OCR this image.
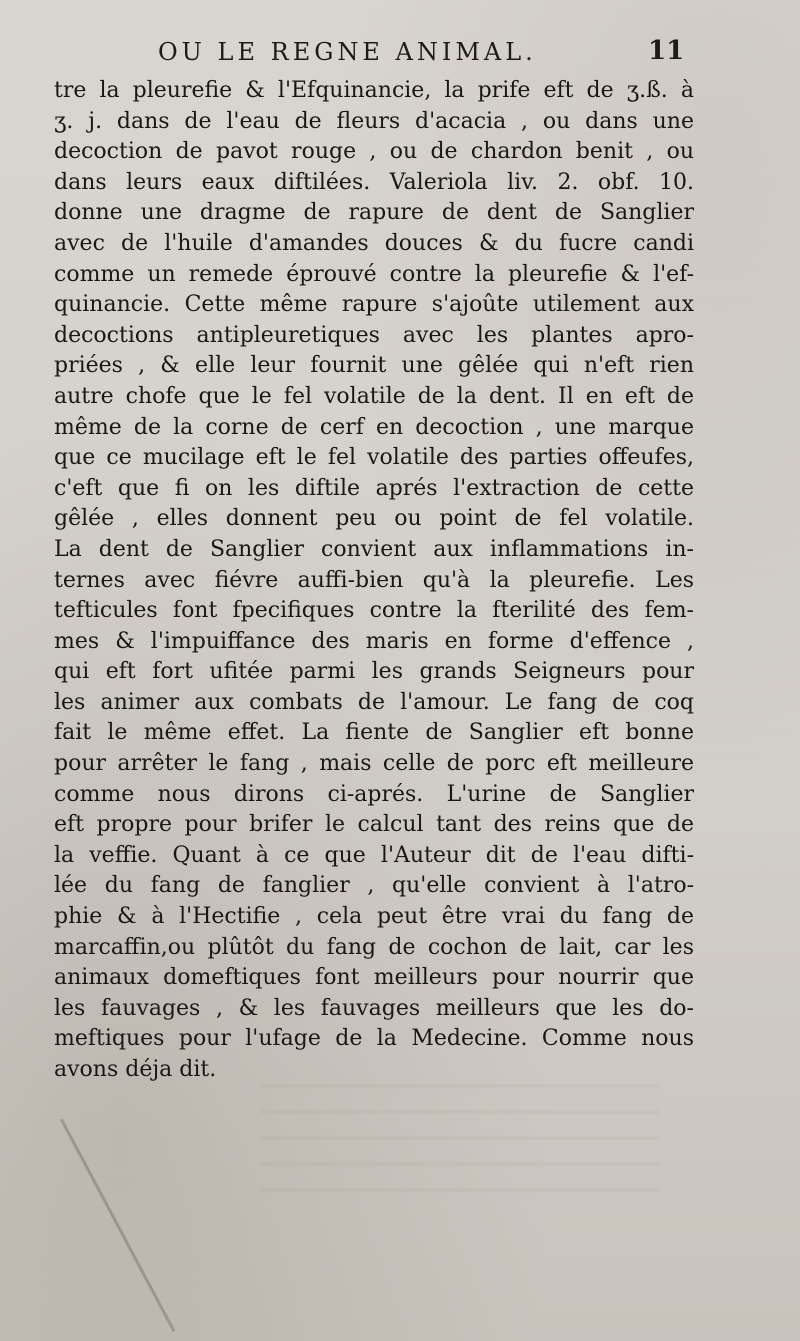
OU LE REGNE ANIMAL.	11
tre la pleurefie & l'Efquinancie, la prife eft de ʒ.ß. à
ʒ. j. dans de l'eau de fleurs d'acacia , ou dans une
decoction de pavot rouge , ou de chardon benit , ou
dans leurs eaux diftilées. Valeriola liv. 2. obf. 10.
donne une dragme de rapure de dent de Sanglier
avec de l'huile d'amandes douces & du fucre candi
comme un remede éprouvé contre la pleurefie & l'ef-
quinancie. Cette même rapure s'ajoûte utilement aux
decoctions antipleuretiques avec les plantes apro-
priées , & elle leur fournit une gêlée qui n'eft rien
autre chofe que le fel volatile de la dent. Il en eft de
même de la corne de cerf en decoction , une marque
que ce mucilage eft le fel volatile des parties offeufes,
c'eft que fi on les diftile aprés l'extraction de cette
gêlée , elles donnent peu ou point de fel volatile.
La dent de Sanglier convient aux inflammations in-
ternes avec fiévre auffi-bien qu'à la pleurefie. Les
tefticules font fpecifiques contre la fterilité des fem-
mes & l'impuiffance des maris en forme d'effence ,
qui eft fort ufitée parmi les grands Seigneurs pour
les animer aux combats de l'amour. Le fang de coq
fait le même effet. La fiente de Sanglier eft bonne
pour arrêter le fang , mais celle de porc eft meilleure
comme nous dirons ci-aprés. L'urine de Sanglier
eft propre pour brifer le calcul tant des reins que de
la veffie. Quant à ce que l'Auteur dit de l'eau difti-
lée du fang de fanglier , qu'elle convient à l'atro-
phie & à l'Hectifie , cela peut être vrai du fang de
marcaffin,ou plûtôt du fang de cochon de lait, car les
animaux domeftiques font meilleurs pour nourrir que
les fauvages , & les fauvages meilleurs que les do-
meftiques pour l'ufage de la Medecine. Comme nous
avons déja dit.
